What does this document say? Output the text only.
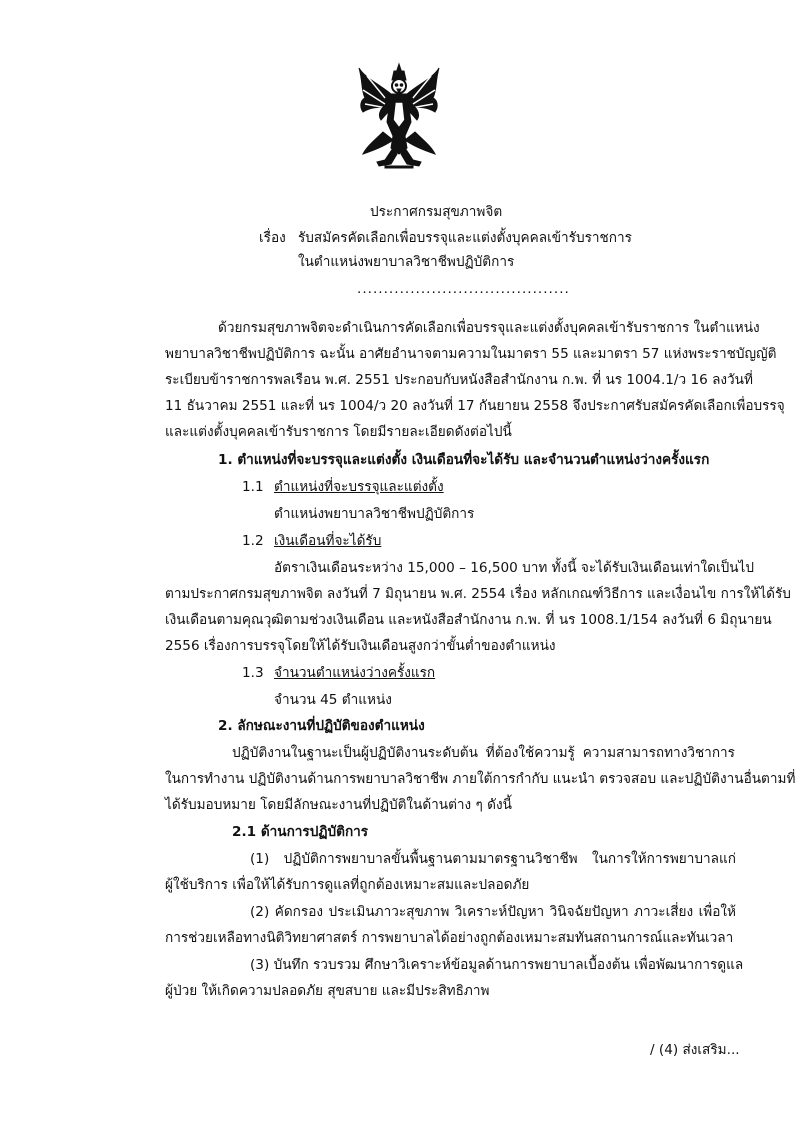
ประกาศกรมสุขภาพจิต
เรื่อง รับสมัครคัดเลือกเพื่อบรรจุและแต่งตั้งบุคคลเข้ารับราชการ
ในตำแหน่งพยาบาลวิชาชีพปฏิบัติการ
........................................
ด้วยกรมสุขภาพจิตจะดำเนินการคัดเลือกเพื่อบรรจุและแต่งตั้งบุคคลเข้ารับราชการ ในตำแหน่ง
พยาบาลวิชาชีพปฏิบัติการ ฉะนั้น อาศัยอำนาจตามความในมาตรา 55 และมาตรา 57 แห่งพระราชบัญญัติ
ระเบียบข้าราชการพลเรือน พ.ศ. 2551 ประกอบกับหนังสือสำนักงาน ก.พ. ที่ นร 1004.1/ว 16 ลงวันที่
11 ธันวาคม 2551 และที่ นร 1004/ว 20 ลงวันที่ 17 กันยายน 2558 จึงประกาศรับสมัครคัดเลือกเพื่อบรรจุ
และแต่งตั้งบุคคลเข้ารับราชการ โดยมีรายละเอียดดังต่อไปนี้
1. ตำแหน่งที่จะบรรจุและแต่งตั้ง เงินเดือนที่จะได้รับ และจำนวนตำแหน่งว่างครั้งแรก
1.1 ตำแหน่งที่จะบรรจุและแต่งตั้ง
ตำแหน่งพยาบาลวิชาชีพปฏิบัติการ
1.2 เงินเดือนที่จะได้รับ
อัตราเงินเดือนระหว่าง 15,000 – 16,500 บาท ทั้งนี้ จะได้รับเงินเดือนเท่าใดเป็นไป
ตามประกาศกรมสุขภาพจิต ลงวันที่ 7 มิถุนายน พ.ศ. 2554 เรื่อง หลักเกณฑ์วิธีการ และเงื่อนไข การให้ได้รับ
เงินเดือนตามคุณวุฒิตามช่วงเงินเดือน และหนังสือสำนักงาน ก.พ. ที่ นร 1008.1/154 ลงวันที่ 6 มิถุนายน
2556 เรื่องการบรรจุโดยให้ได้รับเงินเดือนสูงกว่าขั้นต่ำของตำแหน่ง
1.3 จำนวนตำแหน่งว่างครั้งแรก
จำนวน 45 ตำแหน่ง
2. ลักษณะงานที่ปฏิบัติของตำแหน่ง
ปฏิบัติงานในฐานะเป็นผู้ปฏิบัติงานระดับต้น ที่ต้องใช้ความรู้ ความสามารถทางวิชาการ
ในการทำงาน ปฏิบัติงานด้านการพยาบาลวิชาชีพ ภายใต้การกำกับ แนะนำ ตรวจสอบ และปฏิบัติงานอื่นตามที่
ได้รับมอบหมาย โดยมีลักษณะงานที่ปฏิบัติในด้านต่าง ๆ ดังนี้
2.1 ด้านการปฏิบัติการ
(1) ปฏิบัติการพยาบาลขั้นพื้นฐานตามมาตรฐานวิชาชีพ ในการให้การพยาบาลแก่
ผู้ใช้บริการ เพื่อให้ได้รับการดูแลที่ถูกต้องเหมาะสมและปลอดภัย
(2) คัดกรอง ประเมินภาวะสุขภาพ วิเคราะห์ปัญหา วินิจฉัยปัญหา ภาวะเสี่ยง เพื่อให้
การช่วยเหลือทางนิติวิทยาศาสตร์ การพยาบาลได้อย่างถูกต้องเหมาะสมทันสถานการณ์และทันเวลา
(3) บันทึก รวบรวม ศึกษาวิเคราะห์ข้อมูลด้านการพยาบาลเบื้องต้น เพื่อพัฒนาการดูแล
ผู้ป่วย ให้เกิดความปลอดภัย สุขสบาย และมีประสิทธิภาพ
/ (4) ส่งเสริม...
